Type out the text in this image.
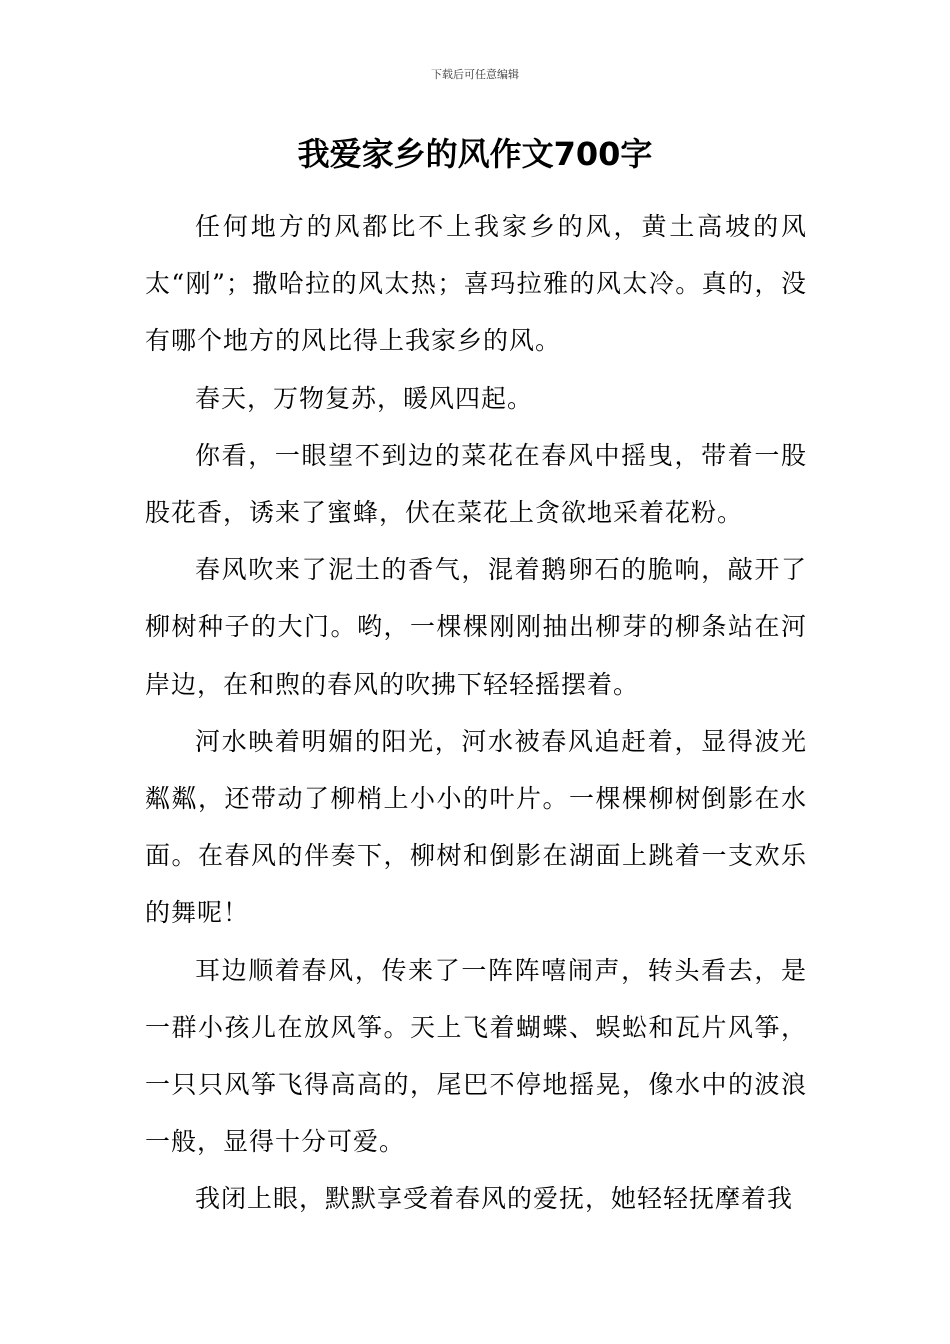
下载后可任意编辑
我爱家乡的风作文700字

任何地方的风都比不上我家乡的风，黄土高坡的风太“刚”；撒哈拉的风太热；喜玛拉雅的风太冷。真的，没有哪个地方的风比得上我家乡的风。

春天，万物复苏，暖风四起。

你看，一眼望不到边的菜花在春风中摇曳，带着一股股花香，诱来了蜜蜂，伏在菜花上贪欲地采着花粉。

春风吹来了泥土的香气，混着鹅卵石的脆响，敲开了柳树种子的大门。哟，一棵棵刚刚抽出柳芽的柳条站在河岸边，在和煦的春风的吹拂下轻轻摇摆着。

河水映着明媚的阳光，河水被春风追赶着，显得波光粼粼，还带动了柳梢上小小的叶片。一棵棵柳树倒影在水面。在春风的伴奏下，柳树和倒影在湖面上跳着一支欢乐的舞呢！

耳边顺着春风，传来了一阵阵嘻闹声，转头看去，是一群小孩儿在放风筝。天上飞着蝴蝶、蜈蚣和瓦片风筝，一只只风筝飞得高高的，尾巴不停地摇晃，像水中的波浪一般，显得十分可爱。

我闭上眼，默默享受着春风的爱抚，她轻轻抚摩着我
